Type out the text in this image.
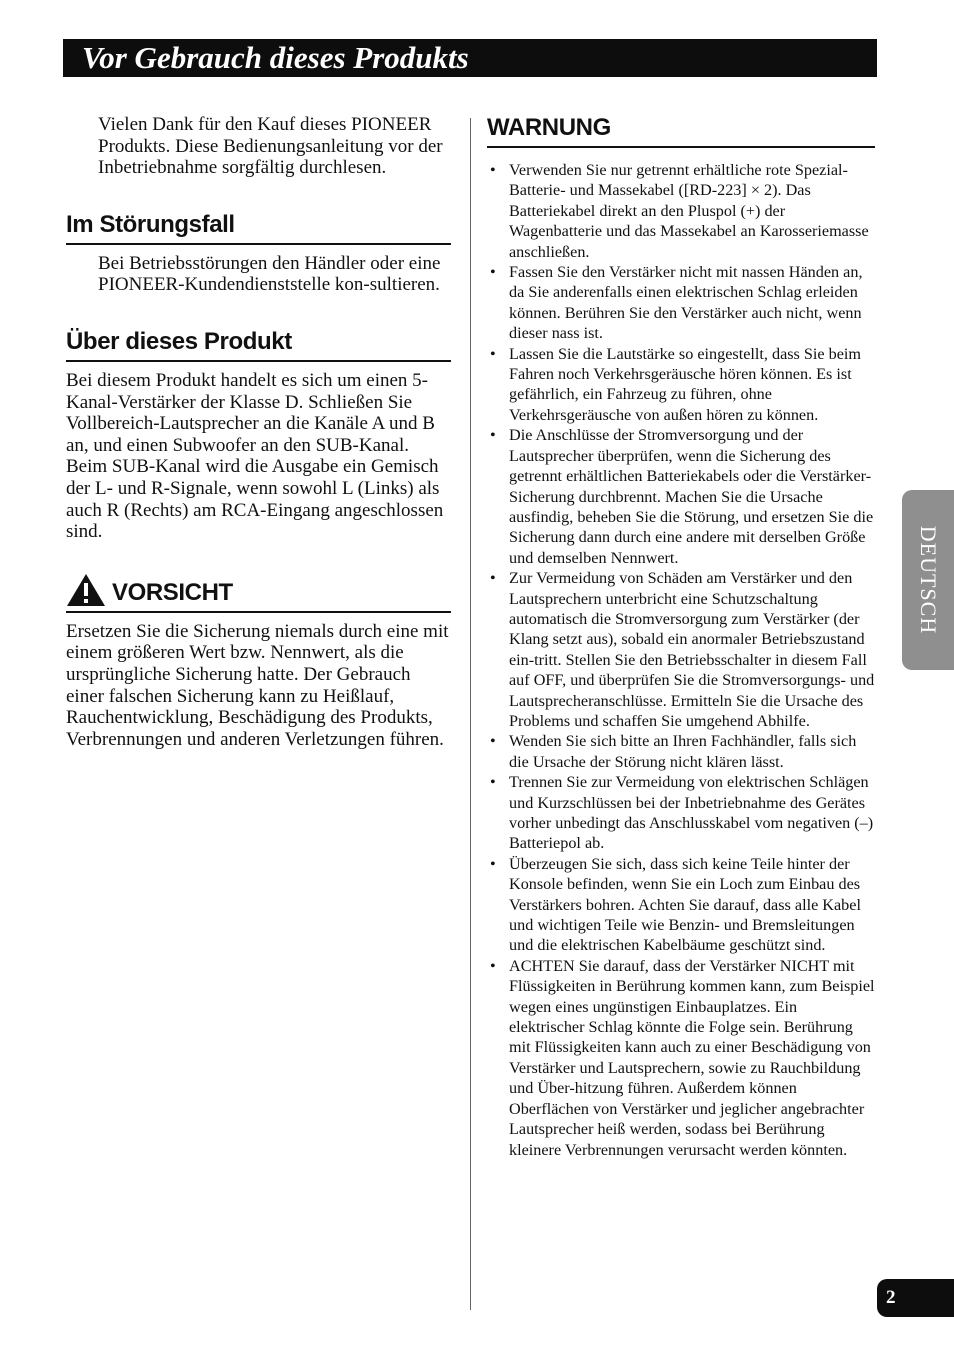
Vor Gebrauch dieses Produkts

Vielen Dank für den Kauf dieses PIONEER Produkts. Diese Bedienungsanleitung vor der Inbetriebnahme sorgfältig durchlesen.

Im Störungsfall

Bei Betriebsstörungen den Händler oder eine PIONEER-Kundendienststelle kon-sultieren.

Über dieses Produkt

Bei diesem Produkt handelt es sich um einen 5-Kanal-Verstärker der Klasse D. Schließen Sie Vollbereich-Lautsprecher an die Kanäle A und B an, und einen Subwoofer an den SUB-Kanal.

Beim SUB-Kanal wird die Ausgabe ein Gemisch der L- und R-Signale, wenn sowohl L (Links) als auch R (Rechts) am RCA-Eingang angeschlossen sind.

VORSICHT

Ersetzen Sie die Sicherung niemals durch eine mit einem größeren Wert bzw. Nennwert, als die ursprüngliche Sicherung hatte. Der Gebrauch einer falschen Sicherung kann zu Heißlauf, Rauchentwicklung, Beschädigung des Produkts, Verbrennungen und anderen Verletzungen führen.

WARNUNG
• Verwenden Sie nur getrennt erhältliche rote Spezial-Batterie- und Massekabel ([RD-223] × 2). Das Batteriekabel direkt an den Pluspol (+) der Wagenbatterie und das Massekabel an Karosseriemasse anschließen.
• Fassen Sie den Verstärker nicht mit nassen Händen an, da Sie anderenfalls einen elektrischen Schlag erleiden können. Berühren Sie den Verstärker auch nicht, wenn dieser nass ist.
• Lassen Sie die Lautstärke so eingestellt, dass Sie beim Fahren noch Verkehrsgeräusche hören können. Es ist gefährlich, ein Fahrzeug zu führen, ohne Verkehrsgeräusche von außen hören zu können.
• Die Anschlüsse der Stromversorgung und der Lautsprecher überprüfen, wenn die Sicherung des getrennt erhältlichen Batteriekabels oder die Verstärker-Sicherung durchbrennt. Machen Sie die Ursache ausfindig, beheben Sie die Störung, und ersetzen Sie die Sicherung dann durch eine andere mit derselben Größe und demselben Nennwert.
• Zur Vermeidung von Schäden am Verstärker und den Lautsprechern unterbricht eine Schutzschaltung automatisch die Stromversorgung zum Verstärker (der Klang setzt aus), sobald ein anormaler Betriebszustand ein-tritt. Stellen Sie den Betriebsschalter in diesem Fall auf OFF, und überprüfen Sie die Stromversorgungs- und Lautsprecheranschlüsse. Ermitteln Sie die Ursache des Problems und schaffen Sie umgehend Abhilfe.
• Wenden Sie sich bitte an Ihren Fachhändler, falls sich die Ursache der Störung nicht klären lässt.
• Trennen Sie zur Vermeidung von elektrischen Schlägen und Kurzschlüssen bei der Inbetriebnahme des Gerätes vorher unbedingt das Anschlusskabel vom negativen (–) Batteriepol ab.
• Überzeugen Sie sich, dass sich keine Teile hinter der Konsole befinden, wenn Sie ein Loch zum Einbau des Verstärkers bohren. Achten Sie darauf, dass alle Kabel und wichtigen Teile wie Benzin- und Bremsleitungen und die elektrischen Kabelbäume geschützt sind.
• ACHTEN Sie darauf, dass der Verstärker NICHT mit Flüssigkeiten in Berührung kommen kann, zum Beispiel wegen eines ungünstigen Einbauplatzes. Ein elektrischer Schlag könnte die Folge sein. Berührung mit Flüssigkeiten kann auch zu einer Beschädigung von Verstärker und Lautsprechern, sowie zu Rauchbildung und Über-hitzung führen. Außerdem können Oberflächen von Verstärker und jeglicher angebrachter Lautsprecher heiß werden, sodass bei Berührung kleinere Verbrennungen verursacht werden könnten.
DEUTSCH
2
